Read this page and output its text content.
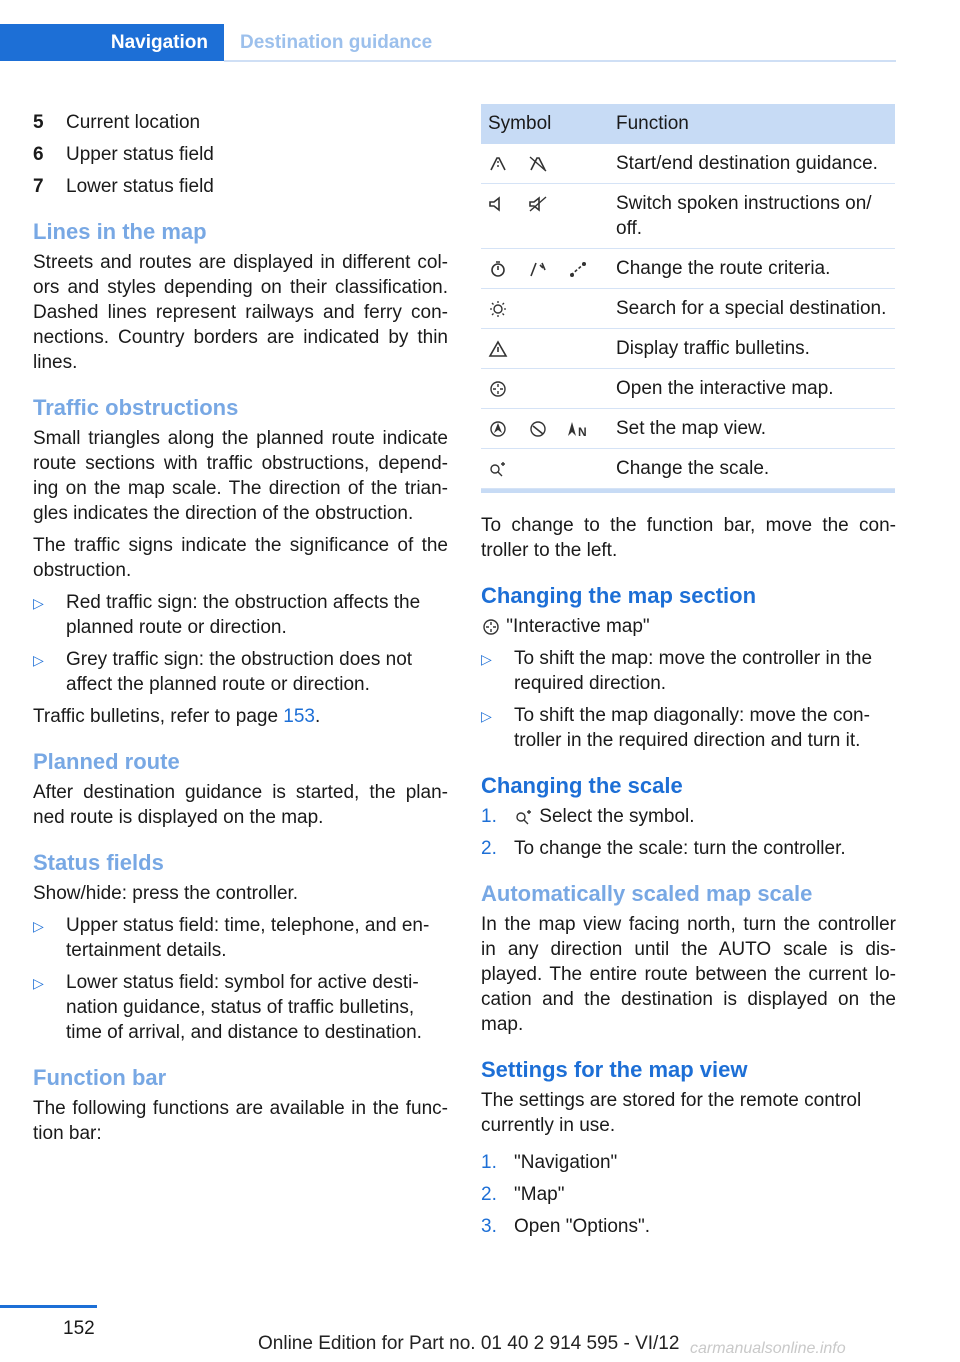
Navigation Destination guidance
5	Current location
6	Upper status field
7	Lower status field
Lines in the map

Streets and routes are displayed in different col- ors and styles depending on their classification. Dashed lines represent railways and ferry con- nections. Country borders are indicated by thin lines.

Traffic obstructions

Small triangles along the planned route indicate route sections with traffic obstructions, depend- ing on the map scale. The direction of the trian- gles indicates the direction of the obstruction.

The traffic signs indicate the significance of the obstruction.

▷	Red traffic sign: the obstruction affects the planned route or direction.
▷	Grey traffic sign: the obstruction does not affect the planned route or direction.

Traffic bulletins, refer to page 153.

Planned route

After destination guidance is started, the plan- ned route is displayed on the map.

Status fields

Show/hide: press the controller.

▷	Upper status field: time, telephone, and en- tertainment details.
▷	Lower status field: symbol for active desti- nation guidance, status of traffic bulletins, time of arrival, and distance to destination.
Function bar

The following functions are available in the func- tion bar:

Symbol	Function

	Start/end destination guidance.

	Switch spoken instructions on/ off.

	Change the route criteria.

	Search for a special destination.

	Display traffic bulletins.

	Open the interactive map.

N	Set the map view.

	Change the scale.

To change to the function bar, move the con- troller to the left.

Changing the map section

"Interactive map"

▷	To shift the map: move the controller in the required direction.
▷	To shift the map diagonally: move the con- troller in the required direction and turn it.
Changing the scale
1.	Select the symbol.
2. To change the scale: turn the controller.
Automatically scaled map scale

In the map view facing north, turn the controller in any direction until the AUTO scale is dis- played. The entire route between the current lo- cation and the destination is displayed on the map.

Settings for the map view

The settings are stored for the remote control currently in use.

1. "Navigation"
2. "Map"
3. Open "Options".
152
Online Edition for Part no. 01 40 2 914 595 - VI/12 carmanualsonline.info
